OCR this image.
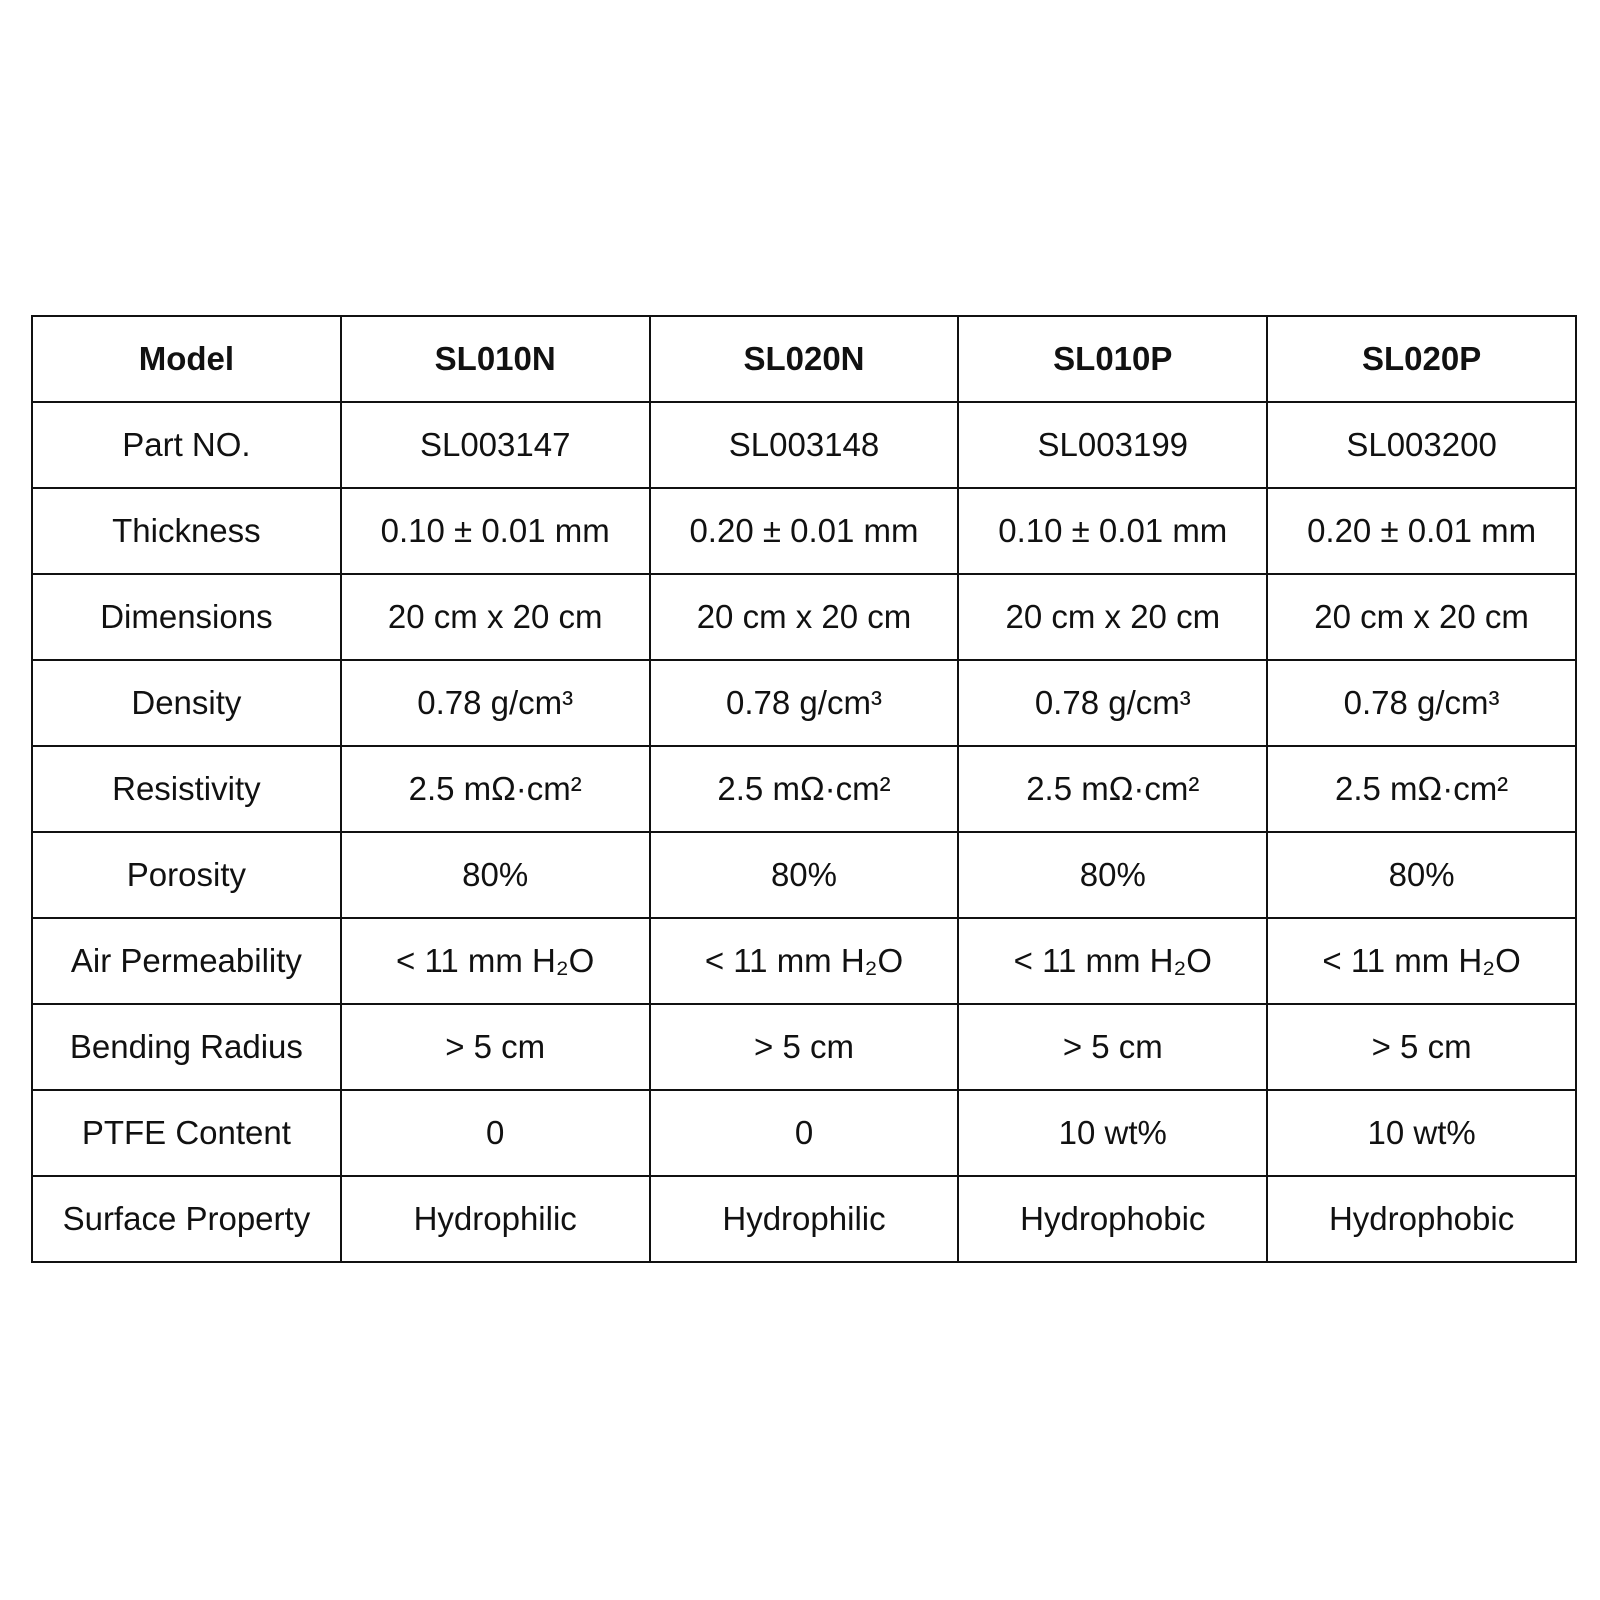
Model	SL010N	SL020N	SL010P	SL020P
Part NO.	SL003147	SL003148	SL003199	SL003200
Thickness	0.10 ± 0.01 mm	0.20 ± 0.01 mm	0.10 ± 0.01 mm	0.20 ± 0.01 mm
Dimensions	20 cm x 20 cm	20 cm x 20 cm	20 cm x 20 cm	20 cm x 20 cm
Density	0.78 g/cm³	0.78 g/cm³	0.78 g/cm³	0.78 g/cm³
Resistivity	2.5 mΩ·cm²	2.5 mΩ·cm²	2.5 mΩ·cm²	2.5 mΩ·cm²
Porosity	80%	80%	80%	80%
Air Permeability	< 11 mm H₂O	< 11 mm H₂O	< 11 mm H₂O	< 11 mm H₂O
Bending Radius	> 5 cm	> 5 cm	> 5 cm	> 5 cm
PTFE Content	0	0	10 wt%	10 wt%
Surface Property	Hydrophilic	Hydrophilic	Hydrophobic	Hydrophobic
